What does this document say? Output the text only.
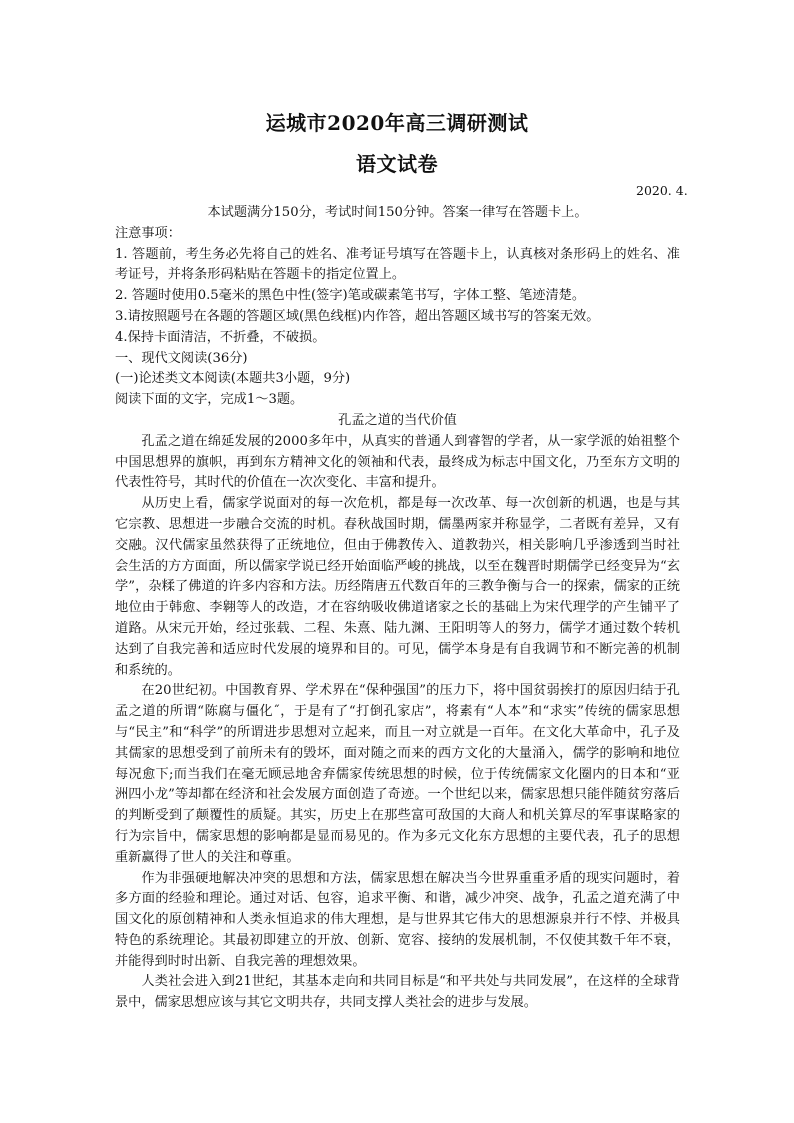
运城市2020年高三调研测试
语文试卷
2020. 4.

本试题满分150分，考试时间150分钟。答案一律写在答题卡上。

注意事项：

1. 答题前，考生务必先将自己的姓名、准考证号填写在答题卡上，认真核对条形码上的姓名、准考证号，并将条形码粘贴在答题卡的指定位置上。

2. 答题时使用0.5毫米的黑色中性(签字)笔或碳素笔书写，字体工整、笔迹清楚。

3.请按照题号在各题的答题区域(黑色线框)内作答，超出答题区域书写的答案无效。

4.保持卡面清洁，不折叠，不破损。

一、现代文阅读(36分)

(一)论述类文本阅读(本题共3小题，9分)

阅读下面的文字，完成1～3题。

孔孟之道的当代价值

孔孟之道在绵延发展的2000多年中，从真实的普通人到睿智的学者，从一家学派的始祖整个中国思想界的旗帜，再到东方精神文化的领袖和代表，最终成为标志中国文化，乃至东方文明的代表性符号，其时代的价值在一次次变化、丰富和提升。

从历史上看，儒家学说面对的每一次危机，都是每一次改革、每一次创新的机遇，也是与其它宗教、思想进一步融合交流的时机。春秋战国时期，儒墨两家并称显学，二者既有差异，又有交融。汉代儒家虽然获得了正统地位，但由于佛教传入、道教勃兴，相关影响几乎渗透到当时社会生活的方方面面，所以儒家学说已经开始面临严峻的挑战，以至在魏晋时期儒学已经变异为“玄学”，杂糅了佛道的许多内容和方法。历经隋唐五代数百年的三教争衡与合一的探索，儒家的正统地位由于韩愈、李翱等人的改造，才在容纳吸收佛道诸家之长的基础上为宋代理学的产生铺平了道路。从宋元开始，经过张载、二程、朱熹、陆九渊、王阳明等人的努力，儒学才通过数个转机达到了自我完善和适应时代发展的境界和目的。可见，儒学本身是有自我调节和不断完善的机制和系统的。

在20世纪初。中国教育界、学术界在“保种强国”的压力下，将中国贫弱挨打的原因归结于孔孟之道的所谓“陈腐与僵化˝，于是有了“打倒孔家店”，将素有“人本”和“求实”传统的儒家思想与“民主”和“科学”的所谓进步思想对立起来，而且一对立就是一百年。在文化大革命中，孔子及其儒家的思想受到了前所未有的毁坏，面对随之而来的西方文化的大量涌入，儒学的影响和地位每况愈下;而当我们在毫无顾忌地舍弃儒家传统思想的时候，位于传统儒家文化圈内的日本和“亚洲四小龙”等却都在经济和社会发展方面创造了奇迹。一个世纪以来，儒家思想只能伴随贫穷落后的判断受到了颠覆性的质疑。其实，历史上在那些富可敌国的大商人和机关算尽的军事谋略家的行为宗旨中，儒家思想的影响都是显而易见的。作为多元文化东方思想的主要代表，孔子的思想重新赢得了世人的关注和尊重。

作为非强硬地解决冲突的思想和方法，儒家思想在解决当今世界重重矛盾的现实问题时，着多方面的经验和理论。通过对话、包容，追求平衡、和谐，减少冲突、战争，孔孟之道充满了中国文化的原创精神和人类永恒追求的伟大理想，是与世界其它伟大的思想源泉并行不悖、并极具特色的系统理论。其最初即建立的开放、创新、宽容、接纳的发展机制，不仅使其数千年不衰，并能得到时时出新、自我完善的理想效果。

人类社会进入到21世纪，其基本走向和共同目标是“和平共处与共同发展”，在这样的全球背景中，儒家思想应该与其它文明共存，共同支撑人类社会的进步与发展。
